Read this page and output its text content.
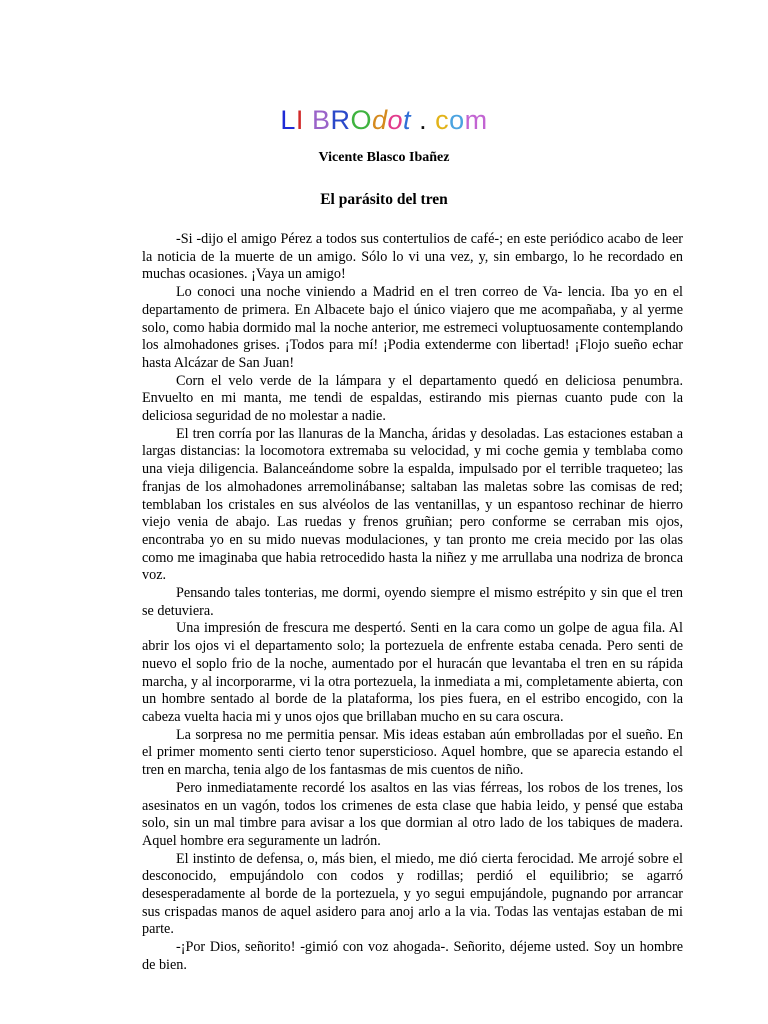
LI BROdot . com
Vicente Blasco Ibañez
El parásito del tren

-Si -dijo el amigo Pérez a todos sus contertulios de café-; en este periódico acabo de leer la noticia de la muerte de un amigo. Sólo lo vi una vez, y, sin embargo, lo he recordado en muchas ocasiones. ¡Vaya un amigo!

Lo conoci una noche viniendo a Madrid en el tren correo de Va- lencia. Iba yo en el departamento de primera. En Albacete bajo el único viajero que me acompañaba, y al yerme solo, como habia dormido mal la noche anterior, me estremeci voluptuosamente contemplando los almohadones grises. ¡Todos para mí! ¡Podia extenderme con libertad! ¡Flojo sueño echar hasta Alcázar de San Juan!

Corn el velo verde de la lámpara y el departamento quedó en deliciosa penumbra. Envuelto en mi manta, me tendi de espaldas, estirando mis piernas cuanto pude con la deliciosa seguridad de no molestar a nadie.

El tren corría por las llanuras de la Mancha, áridas y desoladas. Las estaciones estaban a largas distancias: la locomotora extremaba su velocidad, y mi coche gemia y temblaba como una vieja diligencia. Balanceándome sobre la espalda, impulsado por el terrible traqueteo; las franjas de los almohadones arremolinábanse; saltaban las maletas sobre las comisas de red; temblaban los cristales en sus alvéolos de las ventanillas, y un espantoso rechinar de hierro viejo venia de abajo. Las ruedas y frenos gruñian; pero conforme se cerraban mis ojos, encontraba yo en su mido nuevas modulaciones, y tan pronto me creia mecido por las olas como me imaginaba que habia retrocedido hasta la niñez y me arrullaba una nodriza de bronca voz.

Pensando tales tonterias, me dormi, oyendo siempre el mismo estrépito y sin que el tren se detuviera.

Una impresión de frescura me despertó. Senti en la cara como un golpe de agua fila. Al abrir los ojos vi el departamento solo; la portezuela de enfrente estaba cenada. Pero senti de nuevo el soplo frio de la noche, aumentado por el huracán que levantaba el tren en su rápida marcha, y al incorporarme, vi la otra portezuela, la inmediata a mi, completamente abierta, con un hombre sentado al borde de la plataforma, los pies fuera, en el estribo encogido, con la cabeza vuelta hacia mi y unos ojos que brillaban mucho en su cara oscura.

La sorpresa no me permitia pensar. Mis ideas estaban aún embrolladas por el sueño. En el primer momento senti cierto tenor supersticioso. Aquel hombre, que se aparecia estando el tren en marcha, tenia algo de los fantasmas de mis cuentos de niño.

Pero inmediatamente recordé los asaltos en las vias férreas, los robos de los trenes, los asesinatos en un vagón, todos los crimenes de esta clase que habia leido, y pensé que estaba solo, sin un mal timbre para avisar a los que dormian al otro lado de los tabiques de madera. Aquel hombre era seguramente un ladrón.

El instinto de defensa, o, más bien, el miedo, me dió cierta ferocidad. Me arrojé sobre el desconocido, empujándolo con codos y rodillas; perdió el equilibrio; se agarró desesperadamente al borde de la portezuela, y yo segui empujándole, pugnando por arrancar sus crispadas manos de aquel asidero para anoj arlo a la via. Todas las ventajas estaban de mi parte.

-¡Por Dios, señorito! -gimió con voz ahogada-. Señorito, déjeme usted. Soy un hombre de bien.
